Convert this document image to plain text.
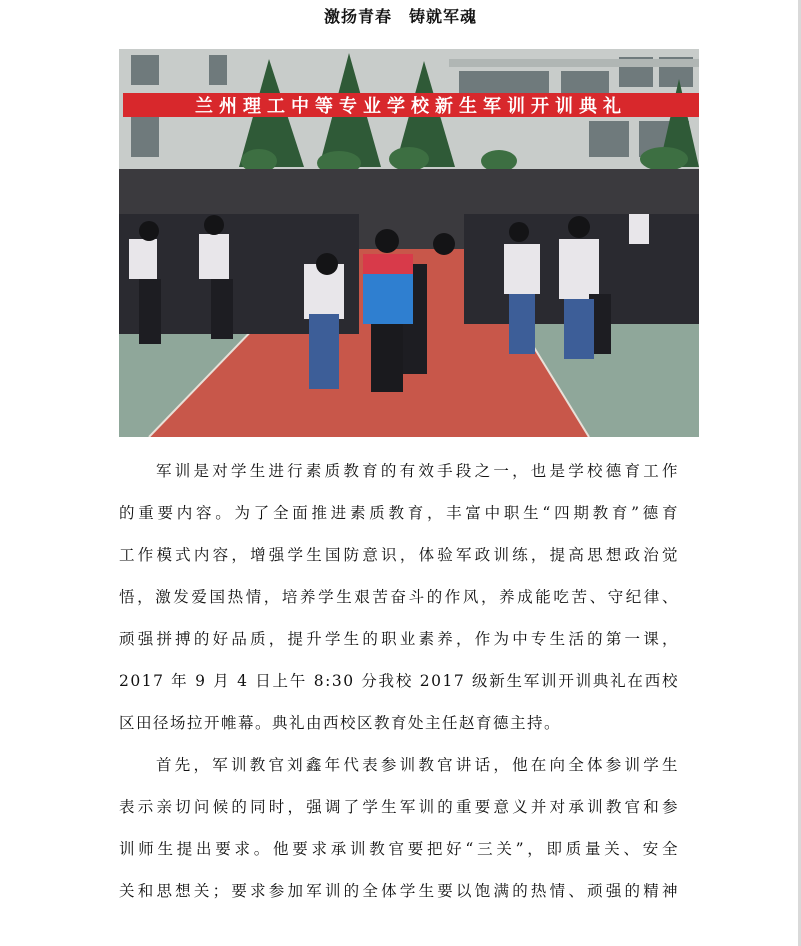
激扬青春　铸就军魂
兰州理工中等专业学校新生军训开训典礼
军训是对学生进行素质教育的有效手段之一，也是学校德育工作
的重要内容。为了全面推进素质教育，丰富中职生“四期教育”德育
工作模式内容，增强学生国防意识，体验军政训练，提高思想政治觉
悟，激发爱国热情，培养学生艰苦奋斗的作风，养成能吃苦、守纪律、
顽强拼搏的好品质，提升学生的职业素养，作为中专生活的第一课，
2017 年 9 月 4 日上午 8:30 分我校 2017 级新生军训开训典礼在西校
区田径场拉开帷幕。典礼由西校区教育处主任赵育德主持。
首先，军训教官刘鑫年代表参训教官讲话，他在向全体参训学生
表示亲切问候的同时，强调了学生军训的重要意义并对承训教官和参
训师生提出要求。他要求承训教官要把好“三关”，即质量关、安全
关和思想关；要求参加军训的全体学生要以饱满的热情、顽强的精神
